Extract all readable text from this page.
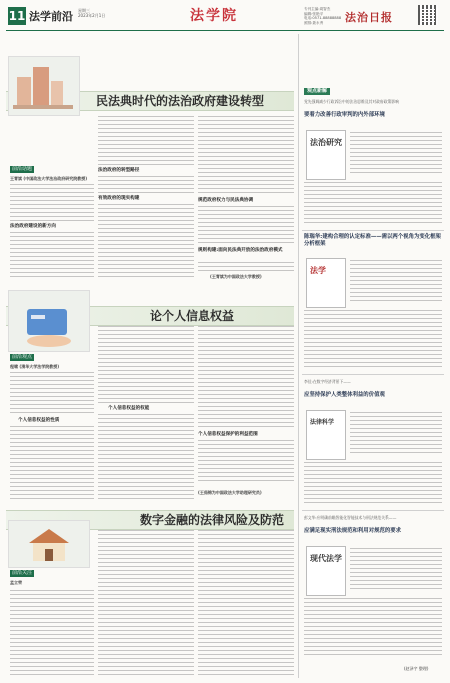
11 法学前沿 星期三
2023年2月1日	法学院	专刊主编:周智杰
编辑:张艳平
电话:0571-88888888
照排:聂永秀	法治日报
民法典时代的法治政府建设转型
前沿话题
王青斌 (中国政法大学法治政府研究院教授)
法治政府建设的新方向
法治政府的转型路径
有效政府的现实构建	规范政府权力与民法典协调
规则构建:面向民法典开放的法治政府模式
(王青斌为中国政法大学教授)
论个人信息权益
前沿观点
程啸 (清华大学法学院教授)
个人信息权益的性质
个人信息权益的权能
个人信息权益保护的利益范围
(王茹锦为中国政法大学助理研究员)
数字金融的法律风险及防范
前沿关注
孟立荣
观点新解
党先强调减少行政诉讼中的法治思维及其对政府政策影响
要着力改善行政审判的内外部环境
法治研究
陈瑞华:建构合理的认定标准——需以两个视角为变化框架分析框架
法学
李佳:在数字经济背景下——
应坚持保护人类整体利益的价值观
法律科学
彭文华:应明确前瞻智能化智能技术与刑法规范关系——
应满足现实刑法规范和利用对规范的要求
现代法学
(赵泽宇 整理)
